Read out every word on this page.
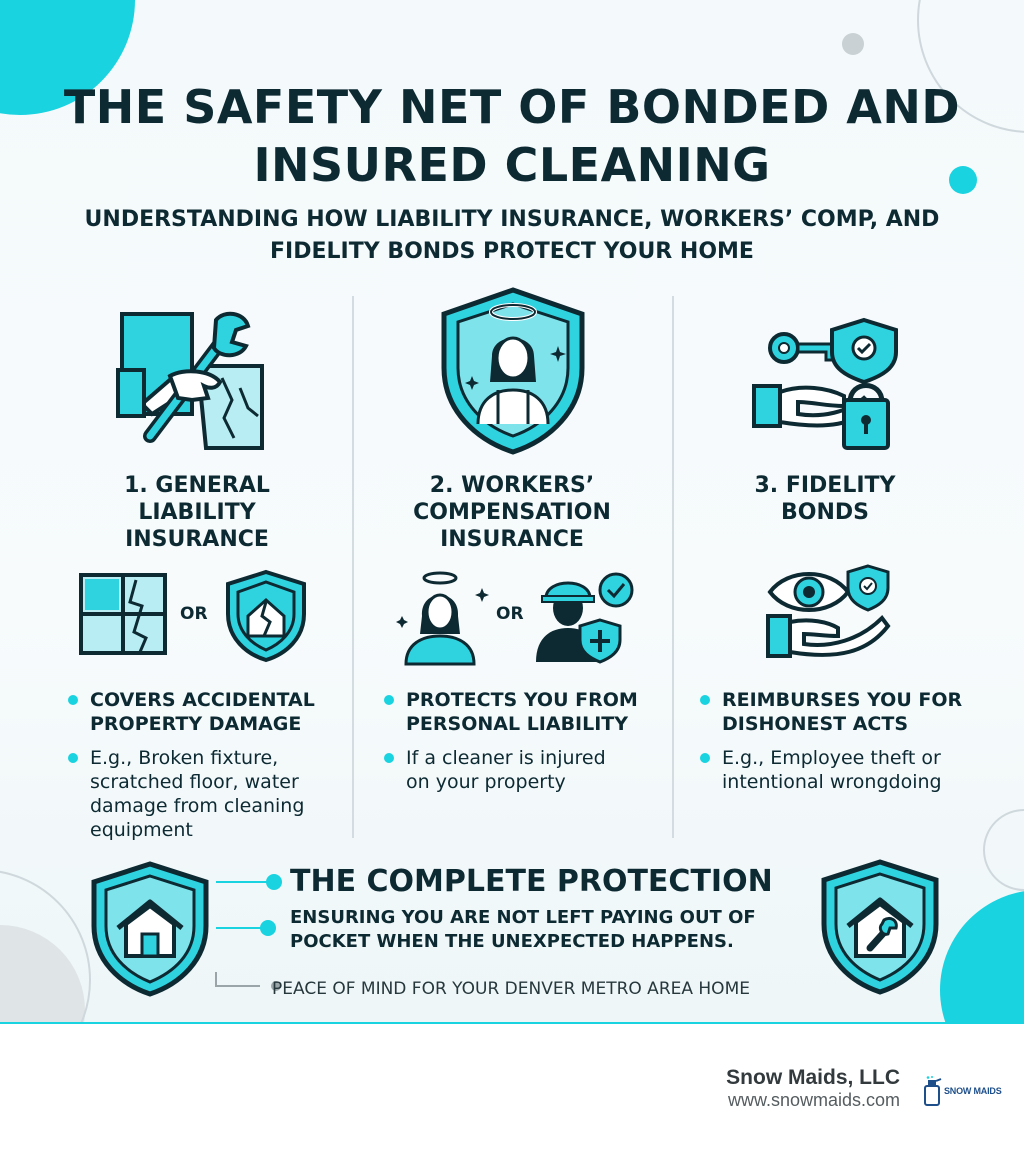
THE SAFETY NET OF BONDED AND INSURED CLEANING

UNDERSTANDING HOW LIABILITY INSURANCE, WORKERS’ COMP, AND FIDELITY BONDS PROTECT YOUR HOME

1. GENERAL
LIABILITY
INSURANCE
OR
COVERS ACCIDENTAL
PROPERTY DAMAGE
E.g., Broken fixture,
scratched floor, water
damage from cleaning
equipment
2. WORKERS’
COMPENSATION
INSURANCE
OR
PROTECTS YOU FROM
PERSONAL LIABILITY
If a cleaner is injured
on your property
3. FIDELITY
BONDS
REIMBURSES YOU FOR
DISHONEST ACTS
E.g., Employee theft or
intentional wrongdoing
THE COMPLETE PROTECTION
ENSURING YOU ARE NOT LEFT PAYING OUT OF
POCKET WHEN THE UNEXPECTED HAPPENS.
PEACE OF MIND FOR YOUR DENVER METRO AREA HOME
Snow Maids, LLC
www.snowmaids.com	SNOW MAIDS
